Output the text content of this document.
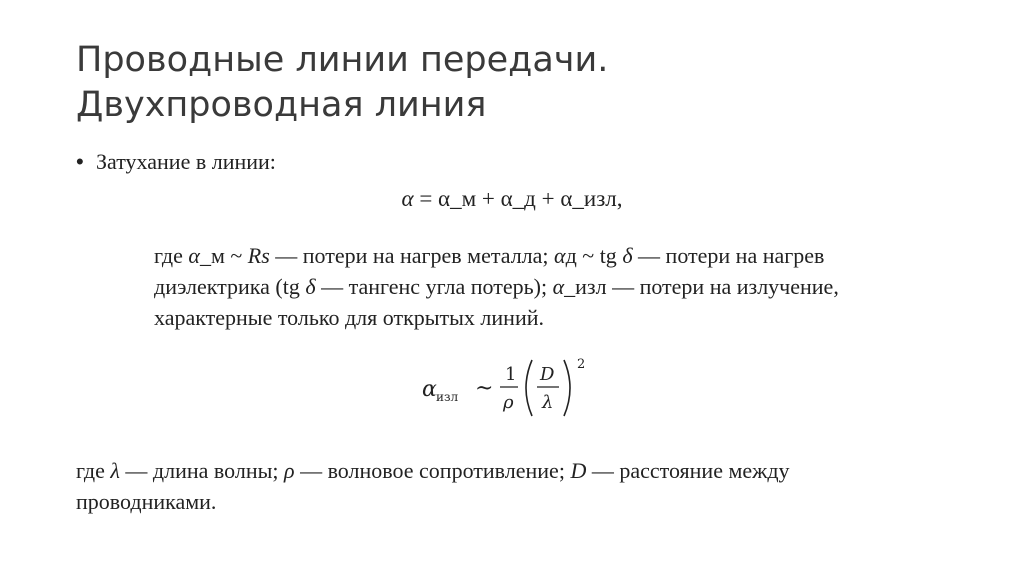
Проводные линии передачи.
Двухпроводная линия
• Затухание в линии:
α = α_м + α_д + α_изл,
где α_м ~ Rs — потери на нагрев металла; αд ~ tg δ — потери на нагрев
диэлектрика (tg δ — тангенс угла потерь); α_изл — потери на излучение,
характерные только для открытых линий.
α изл ~
1
ρ
D
λ
2
где λ — длина волны; ρ — волновое сопротивление; D — расстояние между
проводниками.
